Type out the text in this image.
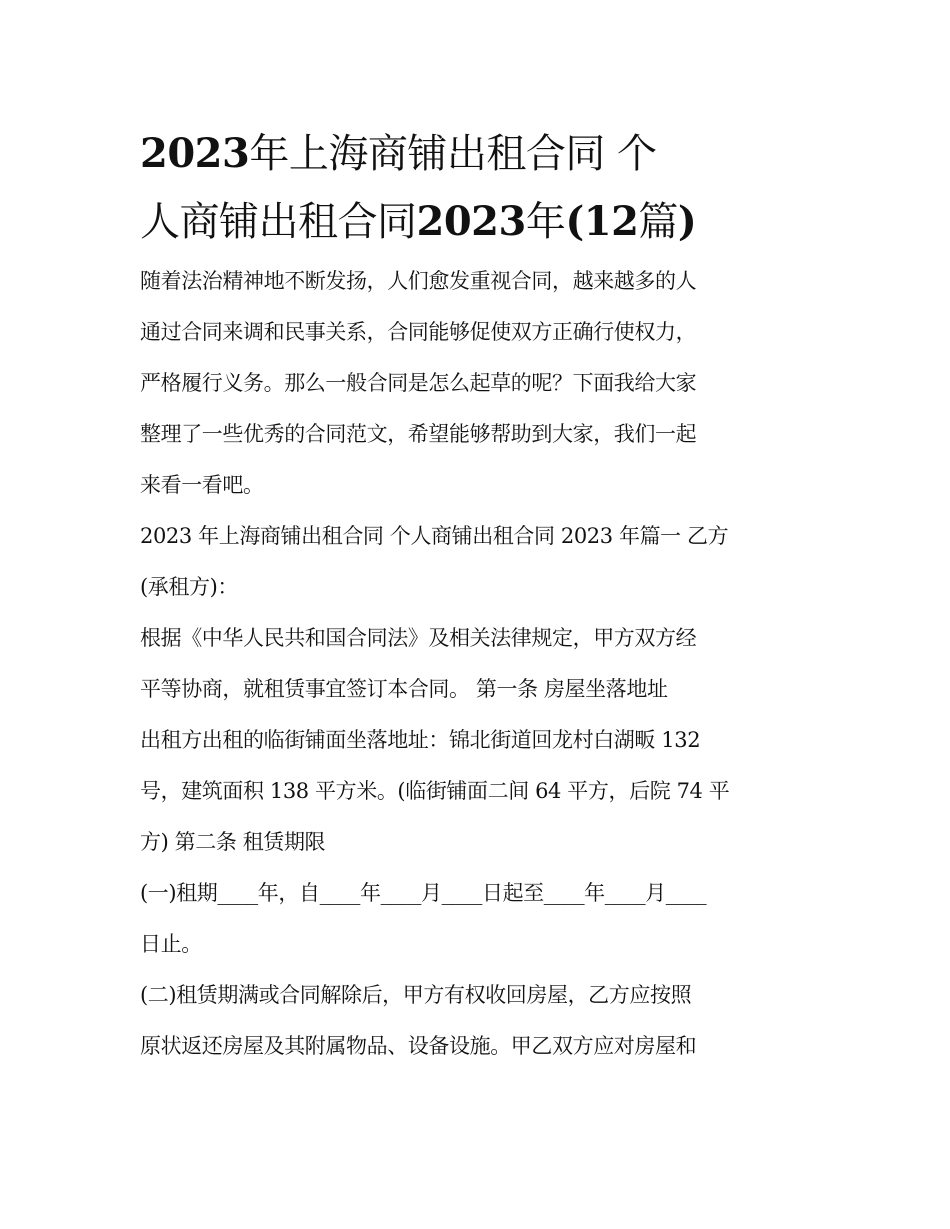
2023年上海商铺出租合同 个
人商铺出租合同2023年(12篇)
随着法治精神地不断发扬，人们愈发重视合同，越来越多的人
通过合同来调和民事关系，合同能够促使双方正确行使权力，
严格履行义务。那么一般合同是怎么起草的呢？下面我给大家
整理了一些优秀的合同范文，希望能够帮助到大家，我们一起
来看一看吧。
2023 年上海商铺出租合同 个人商铺出租合同 2023 年篇一 乙方
(承租方)：
根据《中华人民共和国合同法》及相关法律规定，甲方双方经
平等协商，就租赁事宜签订本合同。 第一条 房屋坐落地址
出租方出租的临街铺面坐落地址：锦北街道回龙村白湖畈 132
号，建筑面积 138 平方米。(临街铺面二间 64 平方，后院 74 平
方) 第二条 租赁期限
(一)租期____年，自____年____月____日起至____年____月____
日止。
(二)租赁期满或合同解除后，甲方有权收回房屋，乙方应按照
原状返还房屋及其附属物品、设备设施。甲乙双方应对房屋和
